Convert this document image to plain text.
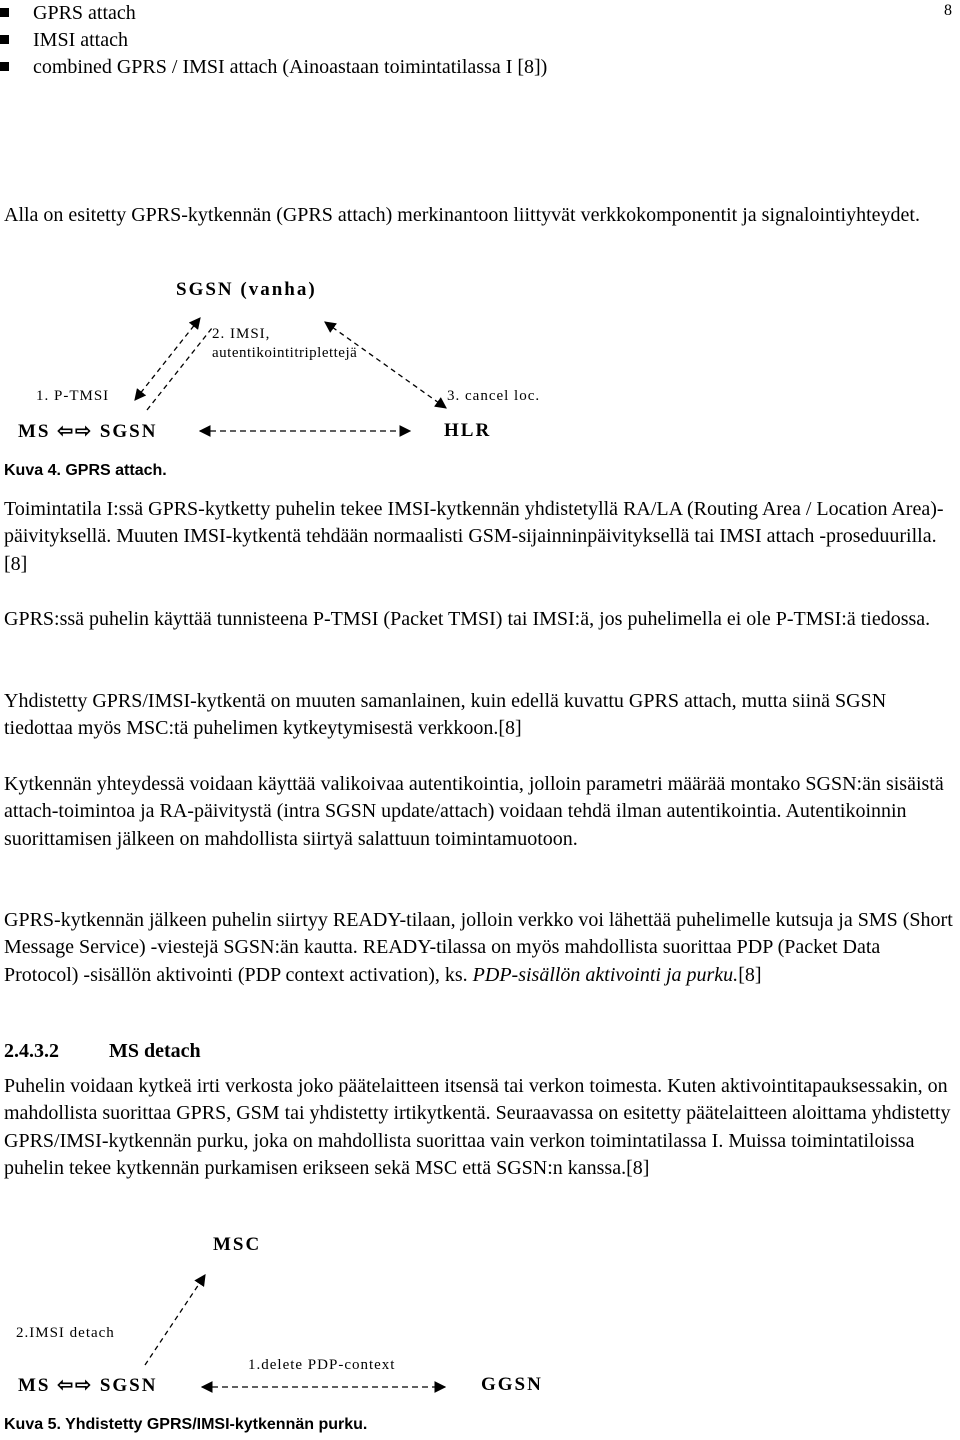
8
GPRS attach
IMSI attach
combined GPRS / IMSI attach (Ainoastaan toimintatilassa I [8])

Alla on esitetty GPRS-kytkennän (GPRS attach) merkinantoon liittyvät verkkokomponentit ja signalointiyhteydet.

SGSN (vanha)
2. IMSI,
autentikointitriplettejä
1. P-TMSI	3. cancel loc.
MS ⇦⇨ SGSN	HLR
Kuva 4. GPRS attach.

Toimintatila I:ssä GPRS-kytketty puhelin tekee IMSI-kytkennän yhdistetyllä RA/LA (Routing Area / Location Area)-päivityksellä. Muuten IMSI-kytkentä tehdään normaalisti GSM-sijainninpäivityksellä tai IMSI attach -proseduurilla.[8]

GPRS:ssä puhelin käyttää tunnisteena P-TMSI (Packet TMSI) tai IMSI:ä, jos puhelimella ei ole P-TMSI:ä tiedossa.

Yhdistetty GPRS/IMSI-kytkentä on muuten samanlainen, kuin edellä kuvattu GPRS attach, mutta siinä SGSN tiedottaa myös MSC:tä puhelimen kytkeytymisestä verkkoon.[8]

Kytkennän yhteydessä voidaan käyttää valikoivaa autentikointia, jolloin parametri määrää montako SGSN:än sisäistä attach-toimintoa ja RA-päivitystä (intra SGSN update/attach) voidaan tehdä ilman autentikointia. Autentikoinnin suorittamisen jälkeen on mahdollista siirtyä salattuun toimintamuotoon.

GPRS-kytkennän jälkeen puhelin siirtyy READY-tilaan, jolloin verkko voi lähettää puhelimelle kutsuja ja SMS (Short Message Service) -viestejä SGSN:än kautta. READY-tilassa on myös mahdollista suorittaa PDP (Packet Data Protocol) -sisällön aktivointi (PDP context activation), ks. PDP-sisällön aktivointi ja purku.[8]

2.4.3.2	MS detach

Puhelin voidaan kytkeä irti verkosta joko päätelaitteen itsensä tai verkon toimesta. Kuten aktivointitapauksessakin, on mahdollista suorittaa GPRS, GSM tai yhdistetty irtikytkentä. Seuraavassa on esitetty päätelaitteen aloittama yhdistetty GPRS/IMSI-kytkennän purku, joka on mahdollista suorittaa vain verkon toimintatilassa I. Muissa toimintatiloissa puhelin tekee kytkennän purkamisen erikseen sekä MSC että SGSN:n kanssa.[8]

MSC
2.IMSI detach
1.delete PDP-context
MS ⇦⇨ SGSN	GGSN
Kuva 5. Yhdistetty GPRS/IMSI-kytkennän purku.
